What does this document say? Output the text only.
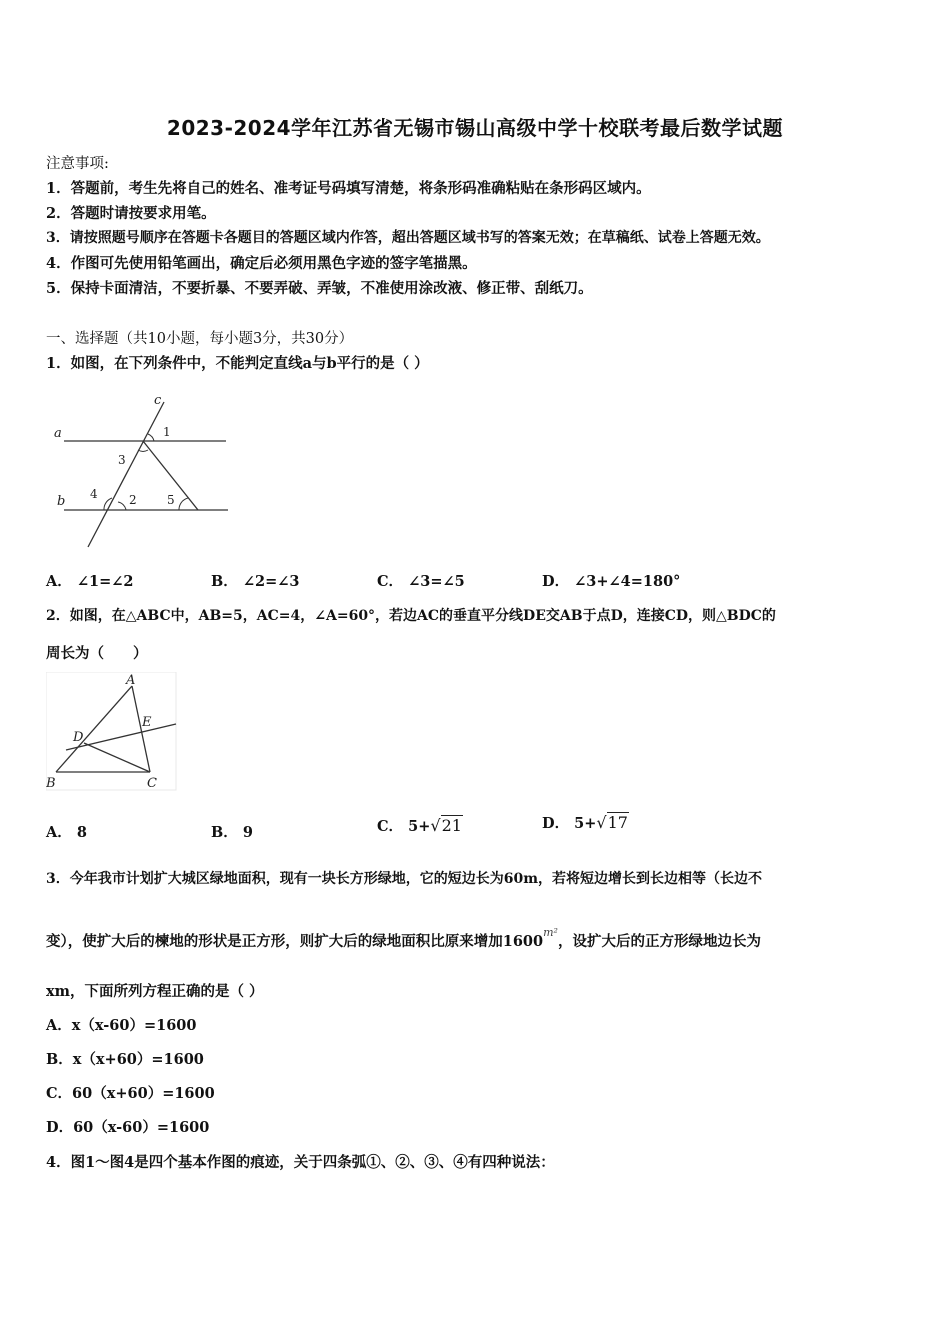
2023-2024学年江苏省无锡市锡山高级中学十校联考最后数学试题
注意事项:
1．答题前，考生先将自己的姓名、准考证号码填写清楚，将条形码准确粘贴在条形码区域内。
2．答题时请按要求用笔。
3．请按照题号顺序在答题卡各题目的答题区域内作答，超出答题区域书写的答案无效；在草稿纸、试卷上答题无效。
4．作图可先使用铅笔画出，确定后必须用黑色字迹的签字笔描黑。
5．保持卡面清洁，不要折暴、不要弄破、弄皱，不准使用涂改液、修正带、刮纸刀。
一、选择题（共10小题，每小题3分，共30分）
1．如图，在下列条件中，不能判定直线a与b平行的是（ ）
a
b
c
1
3
4	2	5
A． ∠1=∠2	B． ∠2=∠3	C． ∠3=∠5	D． ∠3+∠4=180°
2．如图，在△ABC中，AB=5，AC=4，∠A=60°，若边AC的垂直平分线DE交AB于点D，连接CD，则△BDC的
周长为（　　）
A
B	C
D
E
A． 8	B． 9	C． 5+√21	D． 5+√17
3．今年我市计划扩大城区绿地面积，现有一块长方形绿地，它的短边长为60m，若将短边增长到长边相等（长边不
变），使扩大后的楝地的形状是正方形，则扩大后的绿地面积比原来增加$1600^{m^2}$，设扩大后的正方形绿地边长为
xm，下面所列方程正确的是（ ）
A．x（x-60）=1600
B．x（x+60）=1600
C．60（x+60）=1600
D．60（x-60）=1600
4．图1～图4是四个基本作图的痕迹，关于四条弧①、②、③、④有四种说法：
